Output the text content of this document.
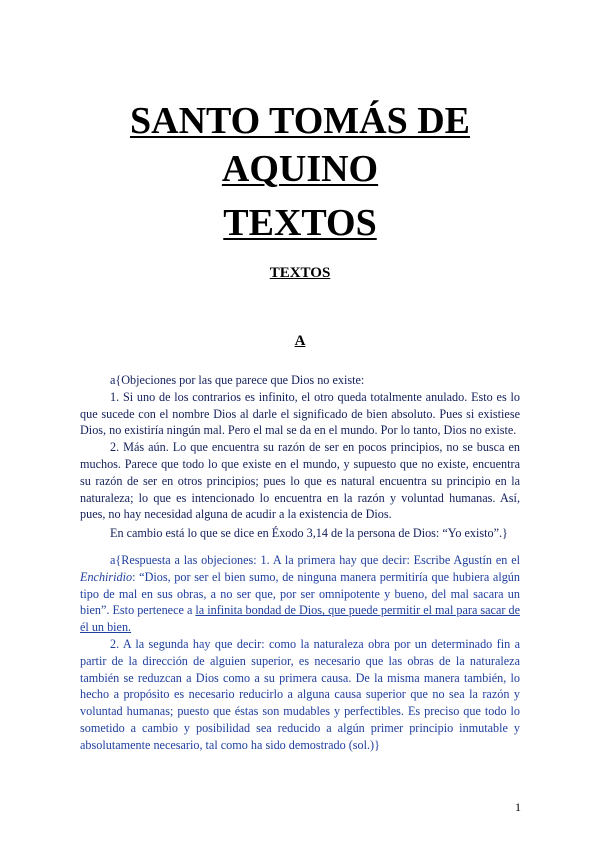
SANTO TOMÁS DE
AQUINO
TEXTOS
TEXTOS
A

a{Objeciones por las que parece que Dios no existe:

1. Si uno de los contrarios es infinito, el otro queda totalmente anulado. Esto es lo que sucede con el nombre Dios al darle el significado de bien absoluto. Pues si existiese Dios, no existiría ningún mal. Pero el mal se da en el mundo. Por lo tanto, Dios no existe.

2. Más aún. Lo que encuentra su razón de ser en pocos principios, no se busca en muchos. Parece que todo lo que existe en el mundo, y supuesto que no existe, encuentra su razón de ser en otros principios; pues lo que es natural encuentra su principio en la naturaleza; lo que es intencionado lo encuentra en la razón y voluntad humanas. Así, pues, no hay necesidad alguna de acudir a la existencia de Dios.

En cambio está lo que se dice en Éxodo 3,14 de la persona de Dios: “Yo existo”.}

a{Respuesta a las objeciones: 1. A la primera hay que decir: Escribe Agustín en el Enchiridio: “Dios, por ser el bien sumo, de ninguna manera permitiría que hubiera algún tipo de mal en sus obras, a no ser que, por ser omnipotente y bueno, del mal sacara un bien”. Esto pertenece a la infinita bondad de Dios, que puede permitir el mal para sacar de él un bien.

2. A la segunda hay que decir: como la naturaleza obra por un determinado fin a partir de la dirección de alguien superior, es necesario que las obras de la naturaleza también se reduzcan a Dios como a su primera causa. De la misma manera también, lo hecho a propósito es necesario reducirlo a alguna causa superior que no sea la razón y voluntad humanas; puesto que éstas son mudables y perfectibles. Es preciso que todo lo sometido a cambio y posibilidad sea reducido a algún primer principio inmutable y absolutamente necesario, tal como ha sido demostrado (sol.)}

1
